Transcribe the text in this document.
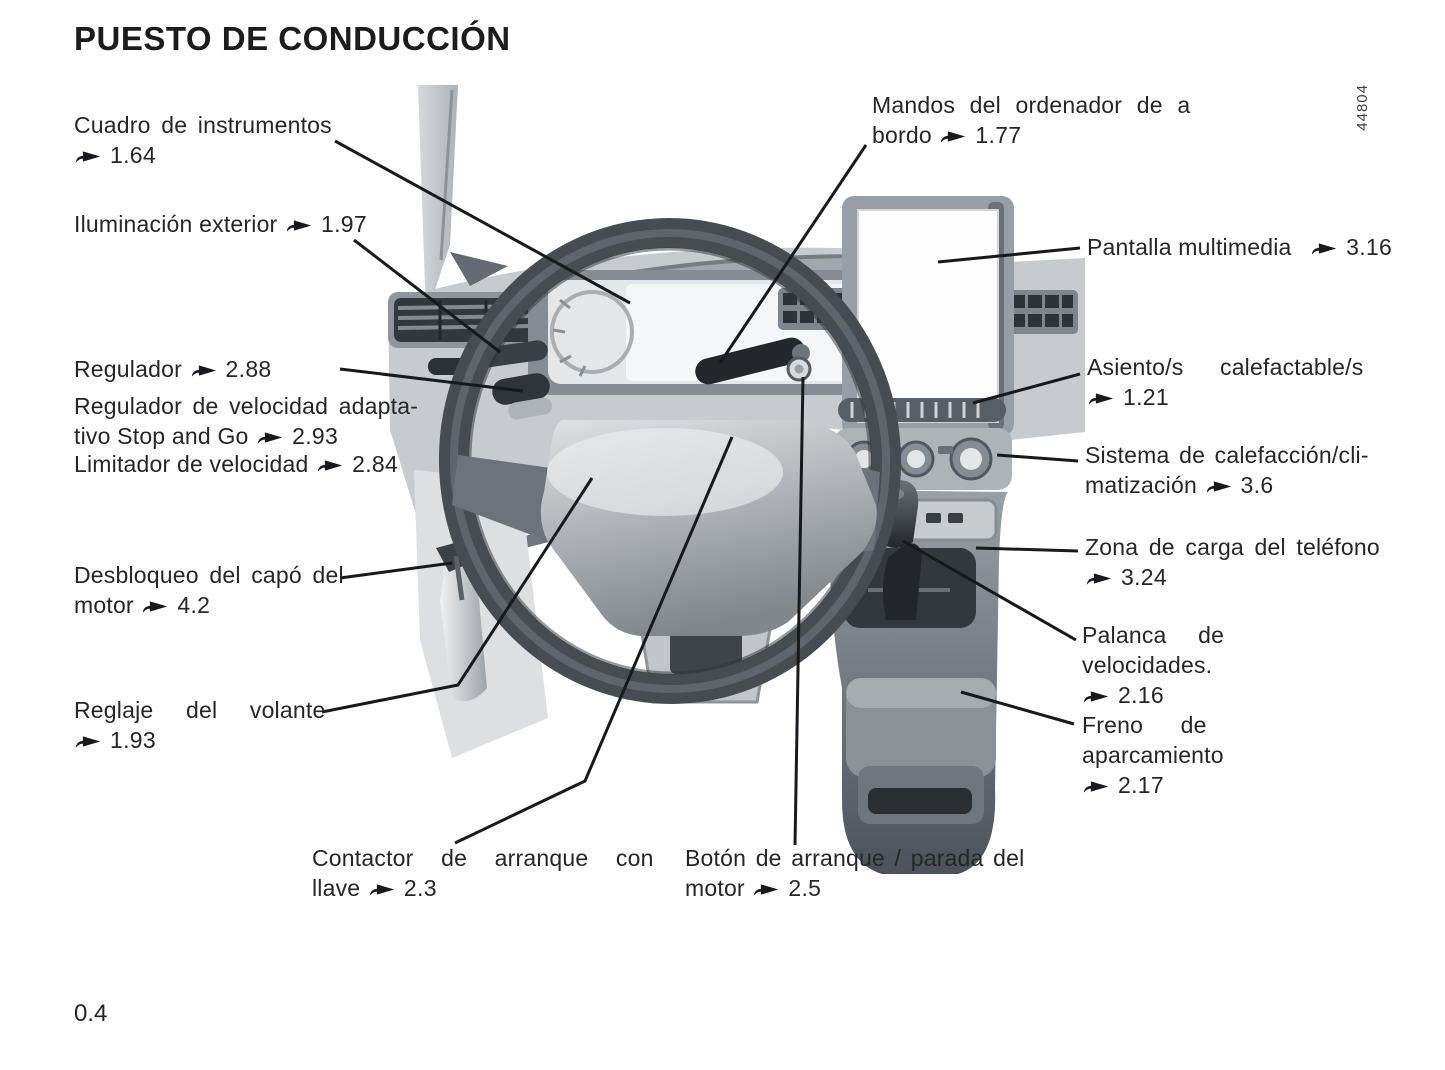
PUESTO DE CONDUCCIÓN
44804
0.4
Cuadro de instrumentos
1.64
Iluminación exterior 1.97
Regulador 2.88
Regulador de velocidad adapta-
tivo Stop and Go 2.93
Limitador de velocidad 2.84
Desbloqueo del capó del
motor 4.2
Reglaje del volante
1.93
Contactor de arranque con
llave 2.3
Botón de arranque / parada del
motor 2.5
Mandos del ordenador de a
bordo 1.77
Pantalla multimedia 3.16
Asiento/s calefactable/s
1.21
Sistema de calefacción/cli-
matización 3.6
Zona de carga del teléfono
3.24
Palanca de velocidades.
2.16
Freno de aparcamiento
2.17
